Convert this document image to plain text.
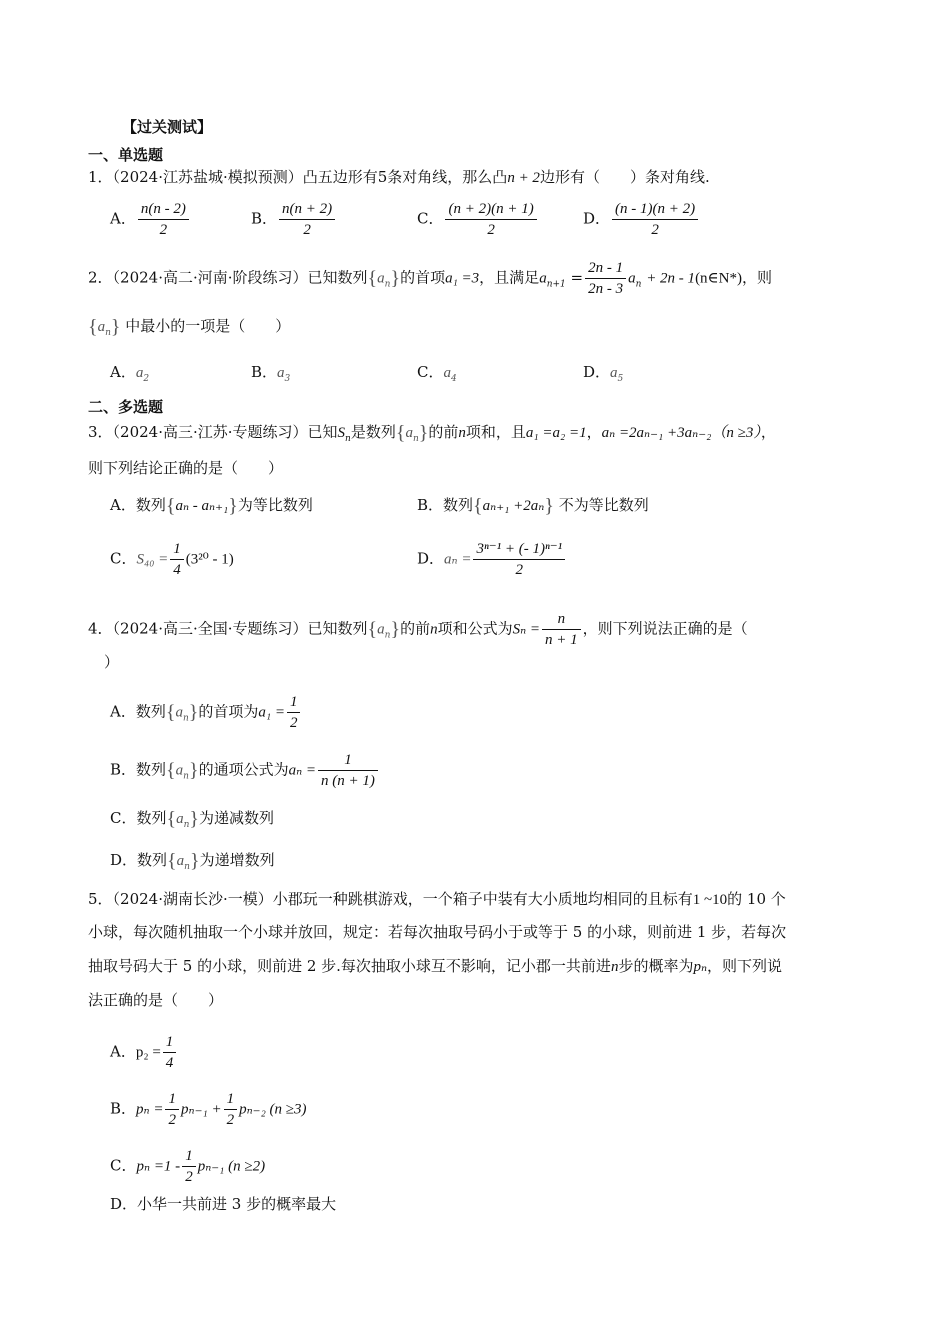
【过关测试】
一、单选题
1．（2024·江苏盐城·模拟预测）凸五边形有5条对角线，那么凸n + 2边形有（　　）条对角线.
A． $\frac{n(n - 2)}{2}$	B． $\frac{n(n + 2)}{2}$	C． $\frac{(n + 2)(n + 1)}{2}$	D． $\frac{(n - 1)(n + 2)}{2}$
2．（2024·高二·河南·阶段练习）已知数列$\{a_n\}$的首项a₁ =3，且满足$a_{n+1} = \frac{2n - 1}{2n - 3} a_n + 2n$ - 1(n∈N*)，则
$\{a_n\}$ 中最小的一项是（　　）
A．$a_2$	B．$a_3$	C．$a_4$	D．$a_5$
二、多选题
3．（2024·高三·江苏·专题练习）已知$S_n$是数列$\{a_n\}$的前n项和，且a₁ =a₂ =1，aₙ =2aₙ₋₁ +3aₙ₋₂（n ≥3），
则下列结论正确的是（　　）
A．数列{aₙ - aₙ₊₁}为等比数列	B．数列{aₙ₊₁ +2aₙ} 不为等比数列
C．$S_{40} = \frac{1}{4} (3^{20} - 1)$	D．$a_n = \frac{\text{3ⁿ⁻¹ + (- 1)ⁿ⁻¹}}{2}$
4．（2024·高三·全国·专题练习）已知数列$\{a_n\}$的前n项和公式为$S_n = \frac{n}{n + 1}$ ，则下列说法正确的是（
）
A．数列$\{a_n\}$的首项为$a_1 = \frac{1}{2}$
B．数列$\{a_n\}$的通项公式为$a_n = \frac{1}{n (n + 1)}$
C．数列$\{a_n\}$为递减数列
D．数列$\{a_n\}$为递增数列
5．（2024·湖南长沙·一模）小郡玩一种跳棋游戏，一个箱子中装有大小质地均相同的且标有1 ~10的 10 个
小球，每次随机抽取一个小球并放回，规定：若每次抽取号码小于或等于 5 的小球，则前进 1 步，若每次
抽取号码大于 5 的小球，则前进 2 步.每次抽取小球互不影响，记小郡一共前进n步的概率为pₙ，则下列说
法正确的是（　　）
A．$p_2 = \frac{1}{4}$
B．$p_n = \frac{1}{2} p_{n-1} + \frac{1}{2} p_{n-2}$ (n ≥3)
C．$p_n =1 - \frac{1}{2} p_{n-1}$ (n ≥2)
D．小华一共前进 3 步的概率最大
